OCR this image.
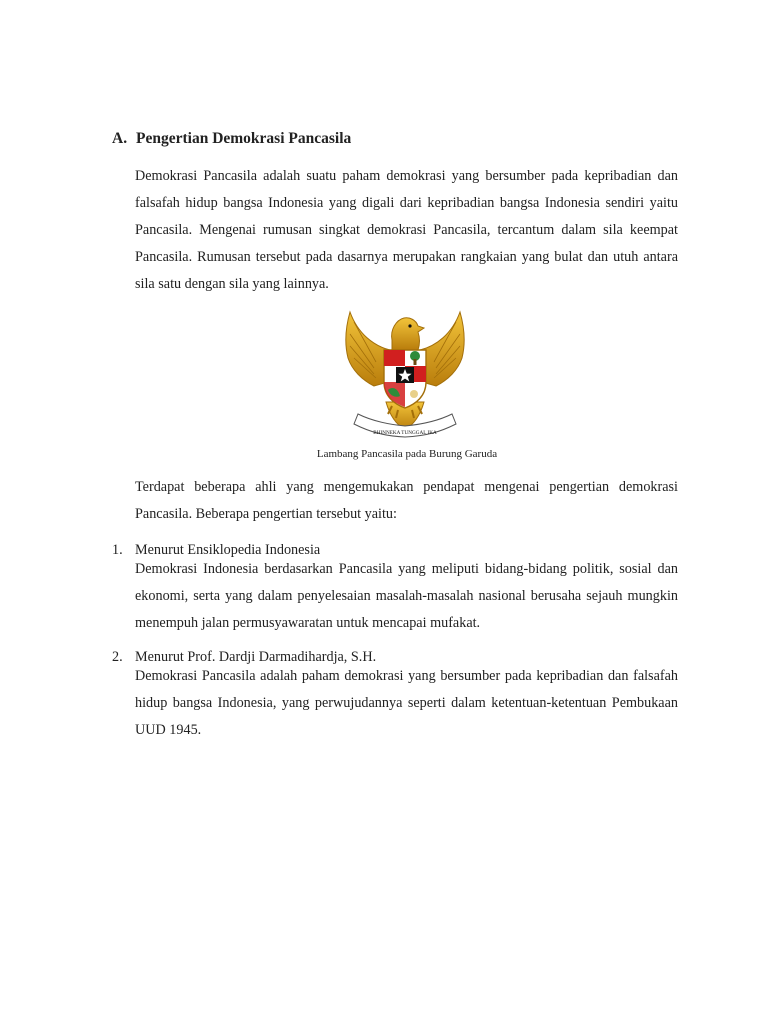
A. Pengertian Demokrasi Pancasila
Demokrasi Pancasila adalah suatu paham demokrasi yang bersumber pada kepribadian dan falsafah hidup bangsa Indonesia yang digali dari kepribadian bangsa Indonesia sendiri yaitu Pancasila. Mengenai rumusan singkat demokrasi Pancasila, tercantum dalam sila keempat Pancasila. Rumusan tersebut pada dasarnya merupakan rangkaian yang bulat dan utuh antara sila satu dengan sila yang lainnya.
BHINNEKA TUNGGAL IKA
Lambang Pancasila pada Burung Garuda
Terdapat beberapa ahli yang mengemukakan pendapat mengenai pengertian demokrasi Pancasila. Beberapa pengertian tersebut yaitu:
1. Menurut Ensiklopedia Indonesia
Demokrasi Indonesia berdasarkan Pancasila yang meliputi bidang-bidang politik, sosial dan ekonomi, serta yang dalam penyelesaian masalah-masalah nasional berusaha sejauh mungkin menempuh jalan permusyawaratan untuk mencapai mufakat.
2. Menurut Prof. Dardji Darmadihardja, S.H.
Demokrasi Pancasila adalah paham demokrasi yang bersumber pada kepribadian dan falsafah hidup bangsa Indonesia, yang perwujudannya seperti dalam ketentuan-ketentuan Pembukaan UUD 1945.
